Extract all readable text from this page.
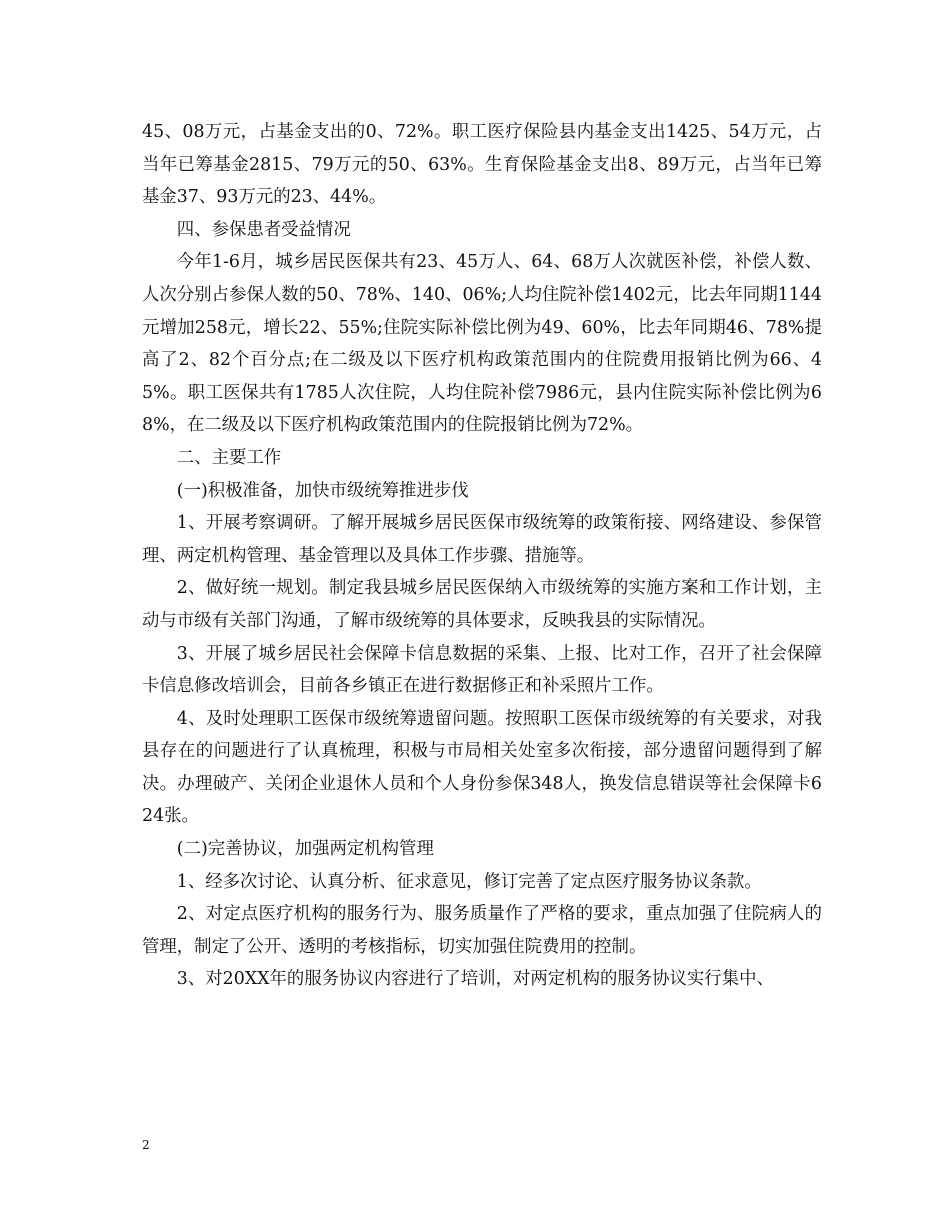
45、08万元，占基金支出的0、72%。职工医疗保险县内基金支出1425、54万元，占当年已筹基金2815、79万元的50、63%。生育保险基金支出8、89万元，占当年已筹基金37、93万元的23、44%。

四、参保患者受益情况

今年1-6月，城乡居民医保共有23、45万人、64、68万人次就医补偿，补偿人数、人次分别占参保人数的50、78%、140、06%;人均住院补偿1402元，比去年同期1144元增加258元，增长22、55%;住院实际补偿比例为49、60%，比去年同期46、78%提高了2、82个百分点;在二级及以下医疗机构政策范围内的住院费用报销比例为66、45%。职工医保共有1785人次住院，人均住院补偿7986元，县内住院实际补偿比例为68%，在二级及以下医疗机构政策范围内的住院报销比例为72%。

二、主要工作

(一)积极准备，加快市级统筹推进步伐

1、开展考察调研。了解开展城乡居民医保市级统筹的政策衔接、网络建设、参保管理、两定机构管理、基金管理以及具体工作步骤、措施等。

2、做好统一规划。制定我县城乡居民医保纳入市级统筹的实施方案和工作计划，主动与市级有关部门沟通，了解市级统筹的具体要求，反映我县的实际情况。

3、开展了城乡居民社会保障卡信息数据的采集、上报、比对工作，召开了社会保障卡信息修改培训会，目前各乡镇正在进行数据修正和补采照片工作。

4、及时处理职工医保市级统筹遗留问题。按照职工医保市级统筹的有关要求，对我县存在的问题进行了认真梳理，积极与市局相关处室多次衔接，部分遗留问题得到了解决。办理破产、关闭企业退休人员和个人身份参保348人，换发信息错误等社会保障卡624张。

(二)完善协议，加强两定机构管理

1、经多次讨论、认真分析、征求意见，修订完善了定点医疗服务协议条款。

2、对定点医疗机构的服务行为、服务质量作了严格的要求，重点加强了住院病人的管理，制定了公开、透明的考核指标，切实加强住院费用的控制。

3、对20XX年的服务协议内容进行了培训，对两定机构的服务协议实行集中、

2
